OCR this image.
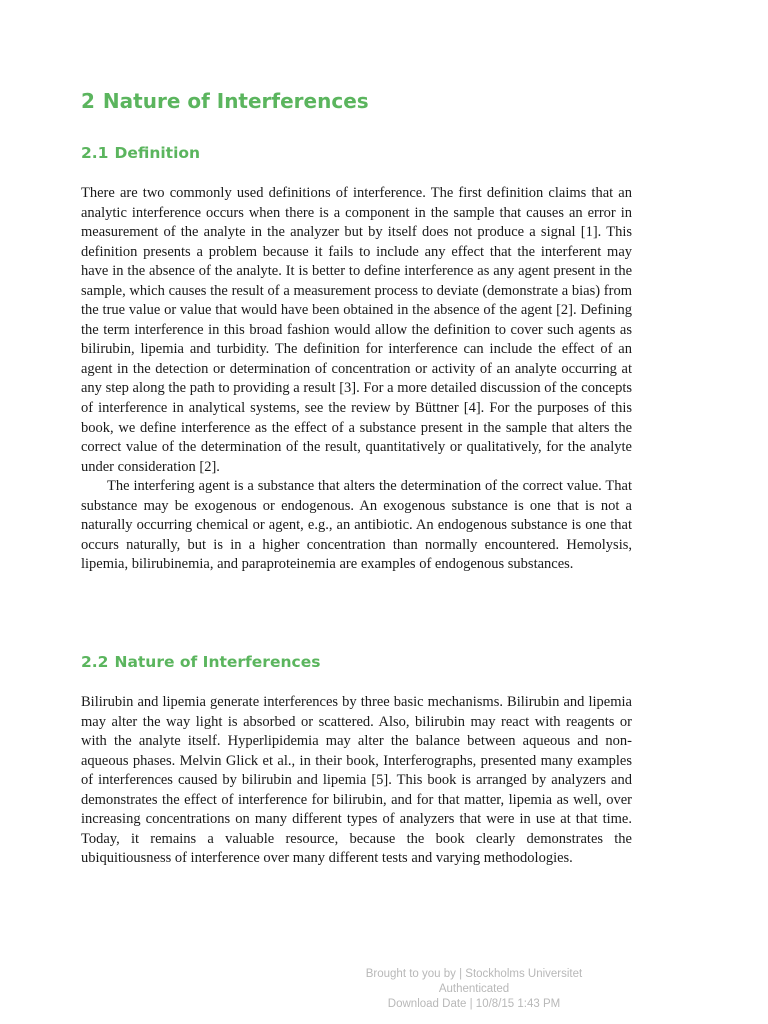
2 Nature of Interferences
2.1 Definition

There are two commonly used definitions of interference. The first definition claims that an analytic interference occurs when there is a component in the sample that causes an error in measurement of the analyte in the analyzer but by itself does not produce a signal [1]. This definition presents a problem because it fails to include any effect that the interferent may have in the absence of the analyte. It is better to define interference as any agent present in the sample, which causes the result of a measurement process to deviate (demonstrate a bias) from the true value or value that would have been obtained in the absence of the agent [2]. Defining the term interference in this broad fashion would allow the definition to cover such agents as bilirubin, lipemia and turbidity. The definition for interference can include the effect of an agent in the detection or determination of concentration or activity of an analyte occurring at any step along the path to providing a result [3]. For a more detailed discussion of the concepts of interference in analytical systems, see the review by Büttner [4]. For the purposes of this book, we define interference as the effect of a substance present in the sample that alters the correct value of the determination of the result, quantitatively or qualitatively, for the analyte under consideration [2].

The interfering agent is a substance that alters the determination of the correct value. That substance may be exogenous or endogenous. An exogenous substance is one that is not a naturally occurring chemical or agent, e.g., an antibiotic. An endogenous substance is one that occurs naturally, but is in a higher concentration than normally encountered. Hemolysis, lipemia, bilirubinemia, and paraproteinemia are examples of endogenous substances.

2.2 Nature of Interferences

Bilirubin and lipemia generate interferences by three basic mechanisms. Bilirubin and lipemia may alter the way light is absorbed or scattered. Also, bilirubin may react with reagents or with the analyte itself. Hyperlipidemia may alter the balance between aqueous and non-aqueous phases. Melvin Glick et al., in their book, Interferographs, presented many examples of interferences caused by bilirubin and lipemia [5]. This book is arranged by analyzers and demonstrates the effect of interference for bilirubin, and for that matter, lipemia as well, over increasing concentrations on many different types of analyzers that were in use at that time. Today, it remains a valuable resource, because the book clearly demonstrates the ubiquitiousness of interference over many different tests and varying methodologies.

Brought to you by | Stockholms Universitet
Authenticated
Download Date | 10/8/15 1:43 PM
